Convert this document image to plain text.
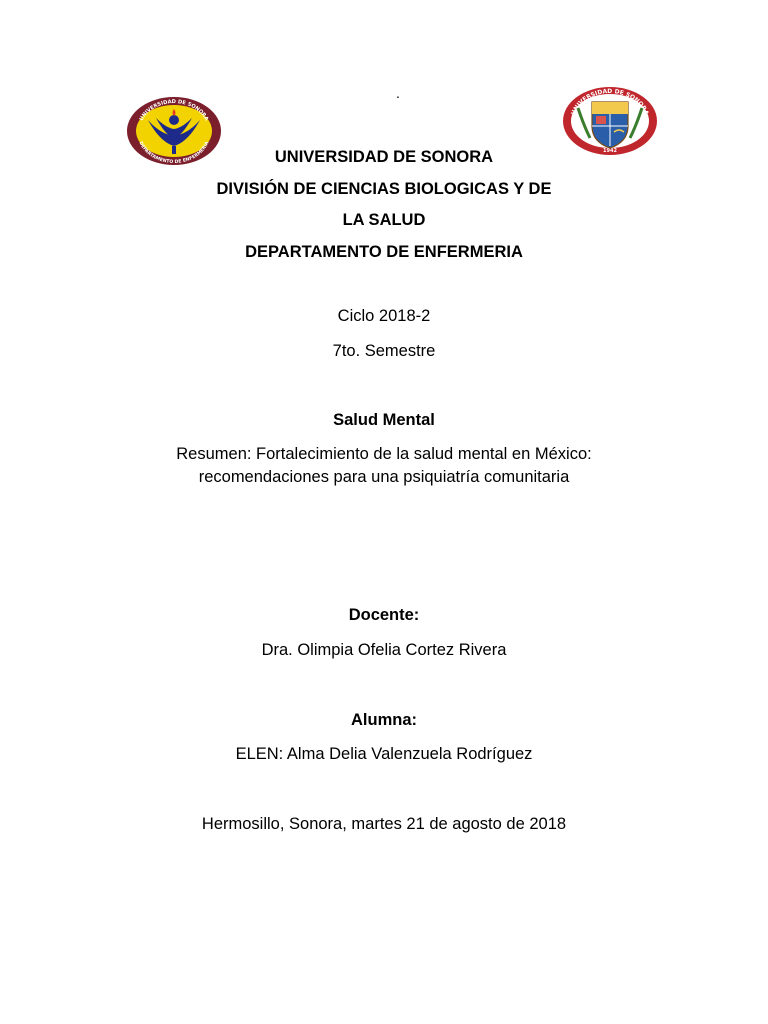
.
UNIVERSIDAD DE SONORA
DEPARTAMENTO DE ENFERMERIA
UNIVERSIDAD DE SONORA
1942
UNIVERSIDAD DE SONORA
DIVISIÓN DE CIENCIAS BIOLOGICAS Y DE
LA SALUD
DEPARTAMENTO DE ENFERMERIA
Ciclo 2018-2
7to. Semestre
Salud Mental
Resumen: Fortalecimiento de la salud mental en México:
recomendaciones para una psiquiatría comunitaria
Docente:
Dra. Olimpia Ofelia Cortez Rivera
Alumna:
ELEN: Alma Delia Valenzuela Rodríguez
Hermosillo, Sonora, martes 21 de agosto de 2018
